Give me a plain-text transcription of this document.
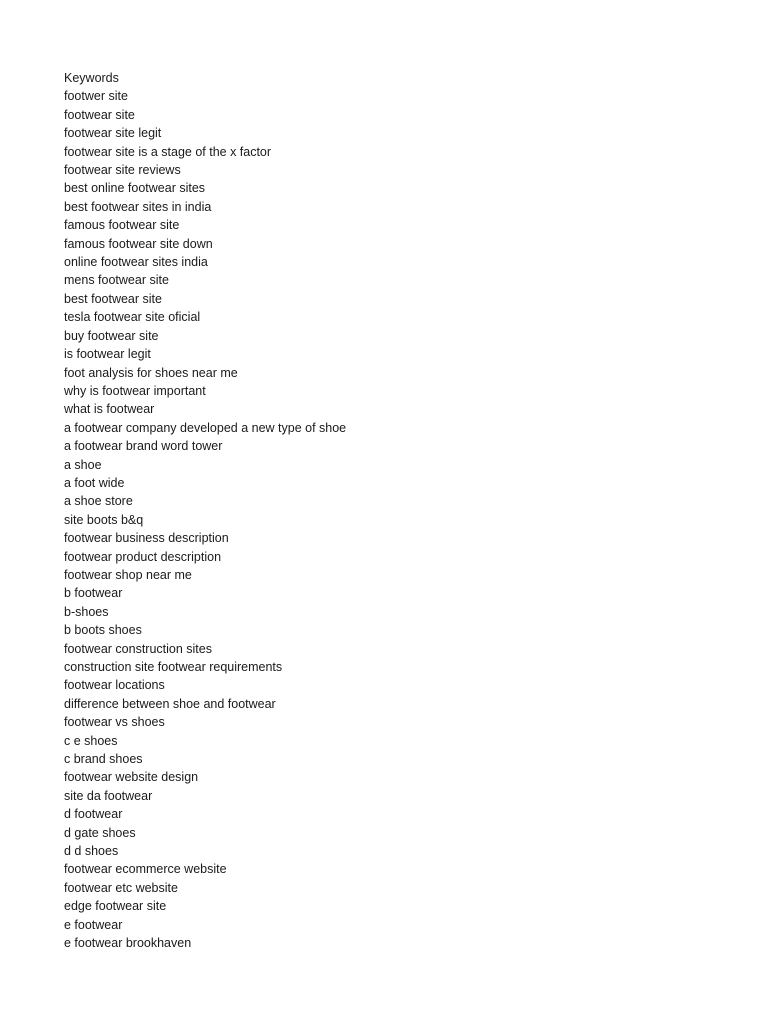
Keywords
footwer site
footwear site
footwear site legit
footwear site is a stage of the x factor
footwear site reviews
best online footwear sites
best footwear sites in india
famous footwear site
famous footwear site down
online footwear sites india
mens footwear site
best footwear site
tesla footwear site oficial
buy footwear site
is footwear legit
foot analysis for shoes near me
why is footwear important
what is footwear
a footwear company developed a new type of shoe
a footwear brand word tower
a shoe
a foot wide
a shoe store
site boots b&q
footwear business description
footwear product description
footwear shop near me
b footwear
b-shoes
b boots shoes
footwear construction sites
construction site footwear requirements
footwear locations
difference between shoe and footwear
footwear vs shoes
c e shoes
c brand shoes
footwear website design
site da footwear
d footwear
d gate shoes
d d shoes
footwear ecommerce website
footwear etc website
edge footwear site
e footwear
e footwear brookhaven
